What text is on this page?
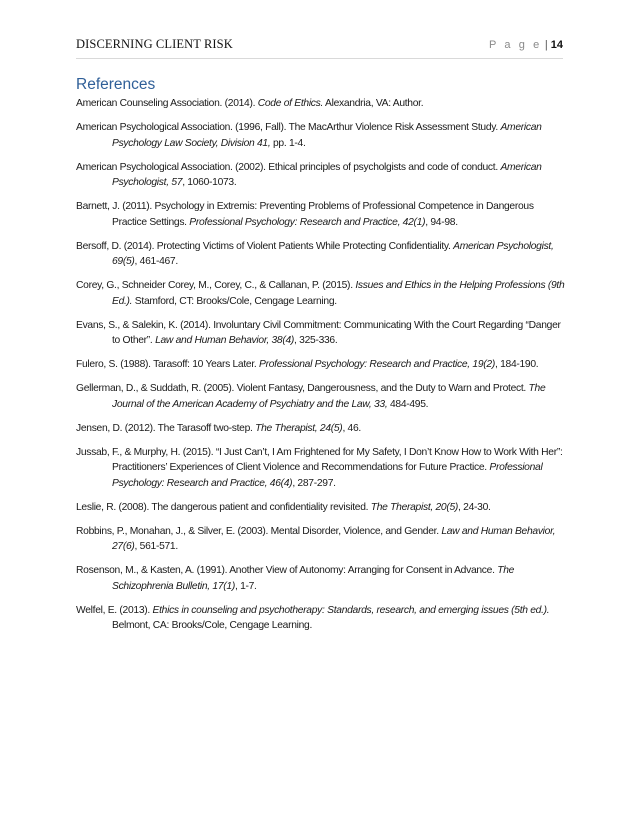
DISCERNING CLIENT RISK	P a g e | 14
References
American Counseling Association. (2014). Code of Ethics. Alexandria, VA: Author.
American Psychological Association. (1996, Fall). The MacArthur Violence Risk Assessment Study. American Psychology Law Society, Division 41, pp. 1-4.
American Psychological Association. (2002). Ethical principles of psycholgists and code of conduct. American Psychologist, 57, 1060-1073.
Barnett, J. (2011). Psychology in Extremis: Preventing Problems of Professional Competence in Dangerous Practice Settings. Professional Psychology: Research and Practice, 42(1), 94-98.
Bersoff, D. (2014). Protecting Victims of Violent Patients While Protecting Confidentiality. American Psychologist, 69(5), 461-467.
Corey, G., Schneider Corey, M., Corey, C., & Callanan, P. (2015). Issues and Ethics in the Helping Professions (9th Ed.). Stamford, CT: Brooks/Cole, Cengage Learning.
Evans, S., & Salekin, K. (2014). Involuntary Civil Commitment: Communicating With the Court Regarding “Danger to Other”. Law and Human Behavior, 38(4), 325-336.
Fulero, S. (1988). Tarasoff: 10 Years Later. Professional Psychology: Research and Practice, 19(2), 184-190.
Gellerman, D., & Suddath, R. (2005). Violent Fantasy, Dangerousness, and the Duty to Warn and Protect. The Journal of the American Academy of Psychiatry and the Law, 33, 484-495.
Jensen, D. (2012). The Tarasoff two-step. The Therapist, 24(5), 46.
Jussab, F., & Murphy, H. (2015). “I Just Can’t, I Am Frightened for My Safety, I Don’t Know How to Work With Her”: Practitioners’ Experiences of Client Violence and Recommendations for Future Practice. Professional Psychology: Research and Practice, 46(4), 287-297.
Leslie, R. (2008). The dangerous patient and confidentiality revisited. The Therapist, 20(5), 24-30.
Robbins, P., Monahan, J., & Silver, E. (2003). Mental Disorder, Violence, and Gender. Law and Human Behavior, 27(6), 561-571.
Rosenson, M., & Kasten, A. (1991). Another View of Autonomy: Arranging for Consent in Advance. The Schizophrenia Bulletin, 17(1), 1-7.
Welfel, E. (2013). Ethics in counseling and psychotherapy: Standards, research, and emerging issues (5th ed.). Belmont, CA: Brooks/Cole, Cengage Learning.
